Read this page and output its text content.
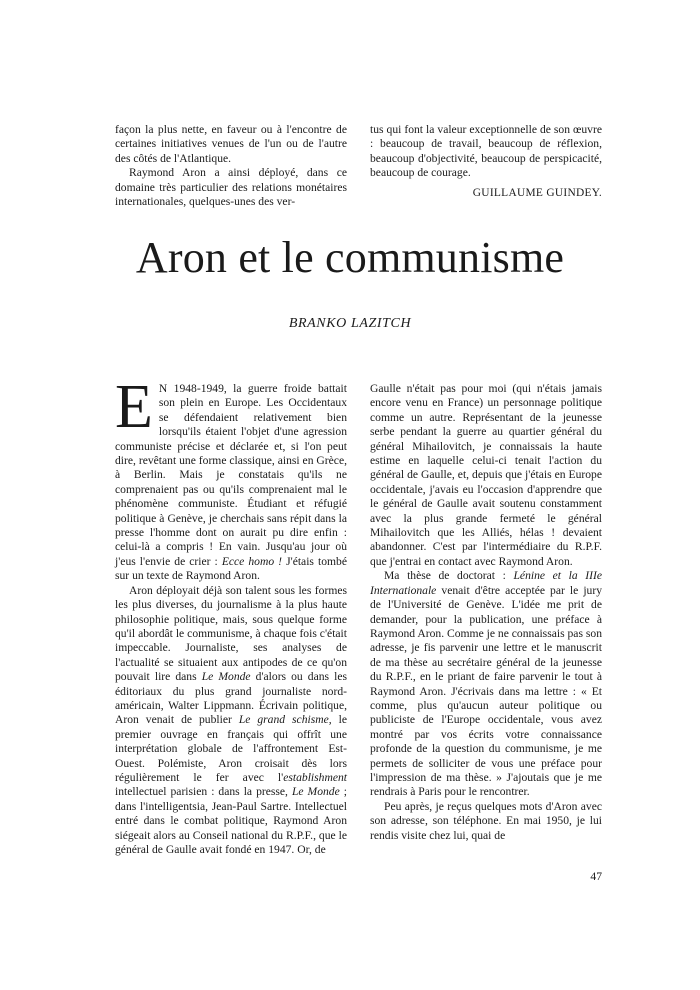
façon la plus nette, en faveur ou à l'encontre de certaines initiatives venues de l'un ou de l'autre des côtés de l'Atlantique.

Raymond Aron a ainsi déployé, dans ce domaine très particulier des relations monétaires internationales, quelques-unes des ver-

tus qui font la valeur exceptionnelle de son œuvre : beaucoup de travail, beaucoup de réflexion, beaucoup d'objectivité, beaucoup de perspicacité, beaucoup de courage.

GUILLAUME GUINDEY.

Aron et le communisme
BRANKO LAZITCH

E N 1948-1949, la guerre froide battait son plein en Europe. Les Occidentaux se défendaient relativement bien lorsqu'ils étaient l'objet d'une agression communiste précise et déclarée et, si l'on peut dire, revêtant une forme classique, ainsi en Grèce, à Berlin. Mais je constatais qu'ils ne comprenaient pas ou qu'ils comprenaient mal le phénomène communiste. Étudiant et réfugié politique à Genève, je cherchais sans répit dans la presse l'homme dont on aurait pu dire enfin : celui-là a compris ! En vain. Jusqu'au jour où j'eus l'envie de crier : Ecce homo ! J'étais tombé sur un texte de Raymond Aron.

Aron déployait déjà son talent sous les formes les plus diverses, du journalisme à la plus haute philosophie politique, mais, sous quelque forme qu'il abordât le communisme, à chaque fois c'était impeccable. Journaliste, ses analyses de l'actualité se situaient aux antipodes de ce qu'on pouvait lire dans Le Monde d'alors ou dans les éditoriaux du plus grand journaliste nord-américain, Walter Lippmann. Écrivain politique, Aron venait de publier Le grand schisme, le premier ouvrage en français qui offrît une interprétation globale de l'affrontement Est-Ouest. Polémiste, Aron croisait dès lors régulièrement le fer avec l'establishment intellectuel parisien : dans la presse, Le Monde ; dans l'intelligentsia, Jean-Paul Sartre. Intellectuel entré dans le combat politique, Raymond Aron siégeait alors au Conseil national du R.P.F., que le général de Gaulle avait fondé en 1947. Or, de

Gaulle n'était pas pour moi (qui n'étais jamais encore venu en France) un personnage politique comme un autre. Représentant de la jeunesse serbe pendant la guerre au quartier général du général Mihailovitch, je connaissais la haute estime en laquelle celui-ci tenait l'action du général de Gaulle, et, depuis que j'étais en Europe occidentale, j'avais eu l'occasion d'apprendre que le général de Gaulle avait soutenu constamment avec la plus grande fermeté le général Mihailovitch que les Alliés, hélas ! devaient abandonner. C'est par l'intermédiaire du R.P.F. que j'entrai en contact avec Raymond Aron.

Ma thèse de doctorat : Lénine et la IIIe Internationale venait d'être acceptée par le jury de l'Université de Genève. L'idée me prit de demander, pour la publication, une préface à Raymond Aron. Comme je ne connaissais pas son adresse, je fis parvenir une lettre et le manuscrit de ma thèse au secrétaire général de la jeunesse du R.P.F., en le priant de faire parvenir le tout à Raymond Aron. J'écrivais dans ma lettre : « Et comme, plus qu'aucun auteur politique ou publiciste de l'Europe occidentale, vous avez montré par vos écrits votre connaissance profonde de la question du communisme, je me permets de solliciter de vous une préface pour l'impression de ma thèse. » J'ajoutais que je me rendrais à Paris pour le rencontrer.

Peu après, je reçus quelques mots d'Aron avec son adresse, son téléphone. En mai 1950, je lui rendis visite chez lui, quai de

47
